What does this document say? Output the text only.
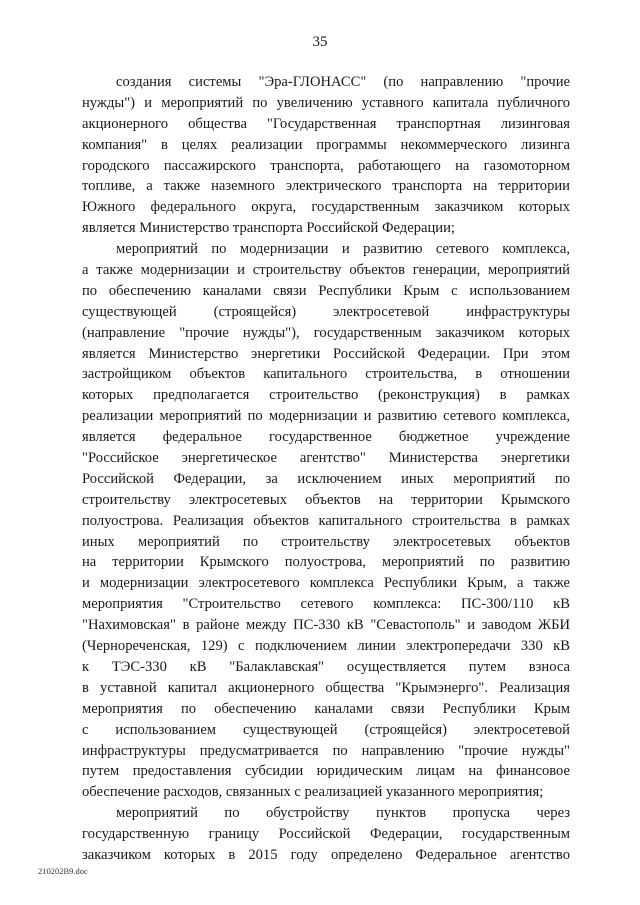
35
создания системы "Эра-ГЛОНАСС" (по направлению "прочие
нужды") и мероприятий по увеличению уставного капитала публичного
акционерного общества "Государственная транспортная лизинговая
компания" в целях реализации программы некоммерческого лизинга
городского пассажирского транспорта, работающего на газомоторном
топливе, а также наземного электрического транспорта на территории
Южного федерального округа, государственным заказчиком которых
является Министерство транспорта Российской Федерации;
мероприятий по модернизации и развитию сетевого комплекса,
а также модернизации и строительству объектов генерации, мероприятий
по обеспечению каналами связи Республики Крым с использованием
существующей (строящейся) электросетевой инфраструктуры
(направление "прочие нужды"), государственным заказчиком которых
является Министерство энергетики Российской Федерации. При этом
застройщиком объектов капитального строительства, в отношении
которых предполагается строительство (реконструкция) в рамках
реализации мероприятий по модернизации и развитию сетевого комплекса,
является федеральное государственное бюджетное учреждение
"Российское энергетическое агентство" Министерства энергетики
Российской Федерации, за исключением иных мероприятий по
строительству электросетевых объектов на территории Крымского
полуострова. Реализация объектов капитального строительства в рамках
иных мероприятий по строительству электросетевых объектов
на территории Крымского полуострова, мероприятий по развитию
и модернизации электросетевого комплекса Республики Крым, а также
мероприятия "Строительство сетевого комплекса: ПС-300/110 кВ
"Нахимовская" в районе между ПС-330 кВ "Севастополь" и заводом ЖБИ
(Чернореченская, 129) с подключением линии электропередачи 330 кВ
к ТЭС-330 кВ "Балаклавская" осуществляется путем взноса
в уставной капитал акционерного общества "Крымэнерго". Реализация
мероприятия по обеспечению каналами связи Республики Крым
с использованием существующей (строящейся) электросетевой
инфраструктуры предусматривается по направлению "прочие нужды"
путем предоставления субсидии юридическим лицам на финансовое
обеспечение расходов, связанных с реализацией указанного мероприятия;
мероприятий по обустройству пунктов пропуска через
государственную границу Российской Федерации, государственным
заказчиком которых в 2015 году определено Федеральное агентство
210202B9.doc
